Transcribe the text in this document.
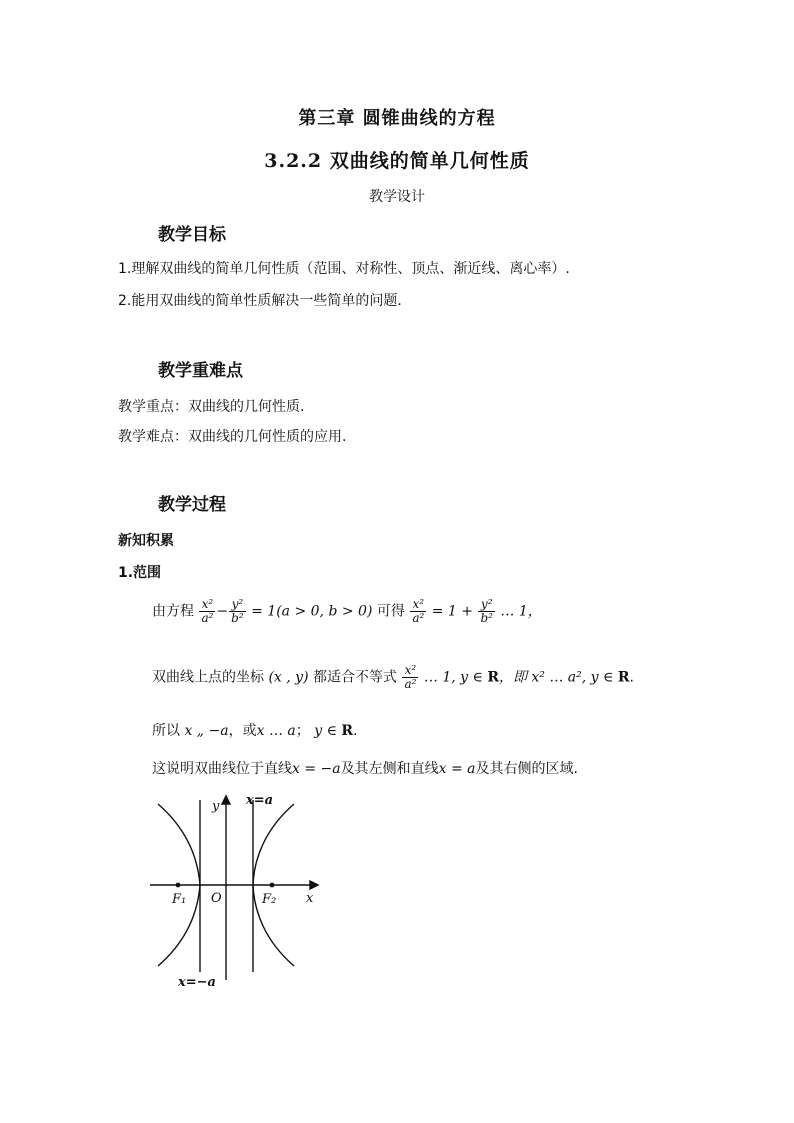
第三章 圆锥曲线的方程
3.2.2 双曲线的简单几何性质
教学设计
教学目标
1.理解双曲线的简单几何性质（范围、对称性、顶点、渐近线、离心率）.
2.能用双曲线的简单性质解决一些简单的问题.
教学重难点
教学重点：双曲线的几何性质.
教学难点：双曲线的几何性质的应用.
教学过程
新知积累
1.范围
由方程 $\frac{\text{x²}}{\text{a²}} - \frac{\text{y²}}{\text{b²}} = 1(a > 0$, b > 0) 可得 $\frac{\text{x²}}{\text{a²}} = 1 + \frac{\text{y²}}{\text{b²}}$ … 1，
双曲线上点的坐标 (x , y) 都适合不等式 $\frac{\text{x²}}{\text{a²}}$ … 1, y ∈ R，即 x² … a², y ∈ R.
所以 x „ −a，或x … a； y ∈ R.
这说明双曲线位于直线x = −a及其左侧和直线x = a及其右侧的区域.
y
x
O
F₁	F₂
x=a
x=−a
